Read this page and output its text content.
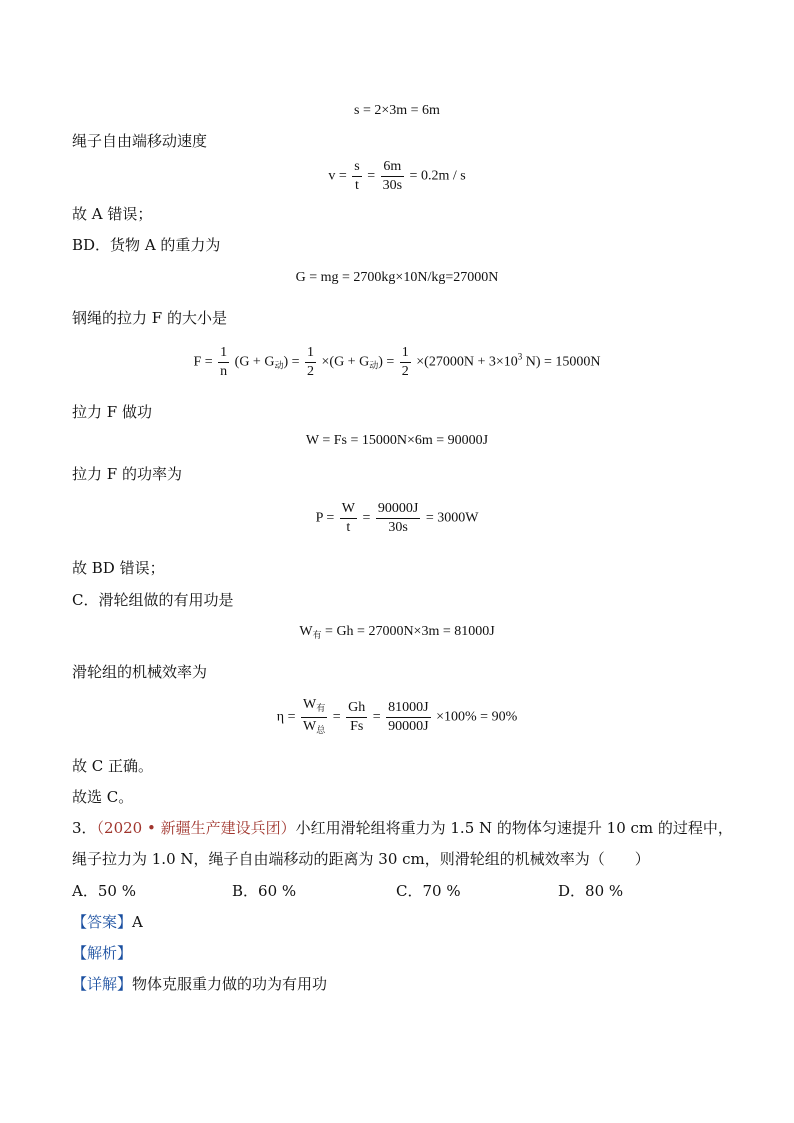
s = 2×3m = 6m
绳子自由端移动速度
$v = \frac{s}{t} = \frac{6m}{30s} = 0.2m / s$
故 A 错误；
BD．货物 A 的重力为
G = mg = 2700kg×10N/kg=27000N
钢绳的拉力 F 的大小是
$F = \frac{1}{n} (G + G_动) = \frac{1}{2} \times(G + G_动) = \frac{1}{2} \times(27000N + 3\times 10^3$ N) = 15000N
拉力 F 做功
W = Fs = 15000N×6m = 90000J
拉力 F 的功率为
$P = \frac{W}{t} = \frac{90000J}{30s} = 3000W$
故 BD 错误；
C．滑轮组做的有用功是
$W_有 = Gh = 27000N\times 3m = 81000J$
滑轮组的机械效率为
$\eta = \frac{W_有}{W_总} = \frac{Gh}{Fs} = \frac{81000J}{90000J} \times 100\% = 90\%$
故 C 正确。
故选 C。
3．（2020 • 新疆生产建设兵团）小红用滑轮组将重力为 1.5 N 的物体匀速提升 10 cm 的过程中，
绳子拉力为 1.0 N，绳子自由端移动的距离为 30 cm，则滑轮组的机械效率为（　　）
A．50 %	B．60 %	C．70 %	D．80 %
【答案】A
【解析】
【详解】物体克服重力做的功为有用功
